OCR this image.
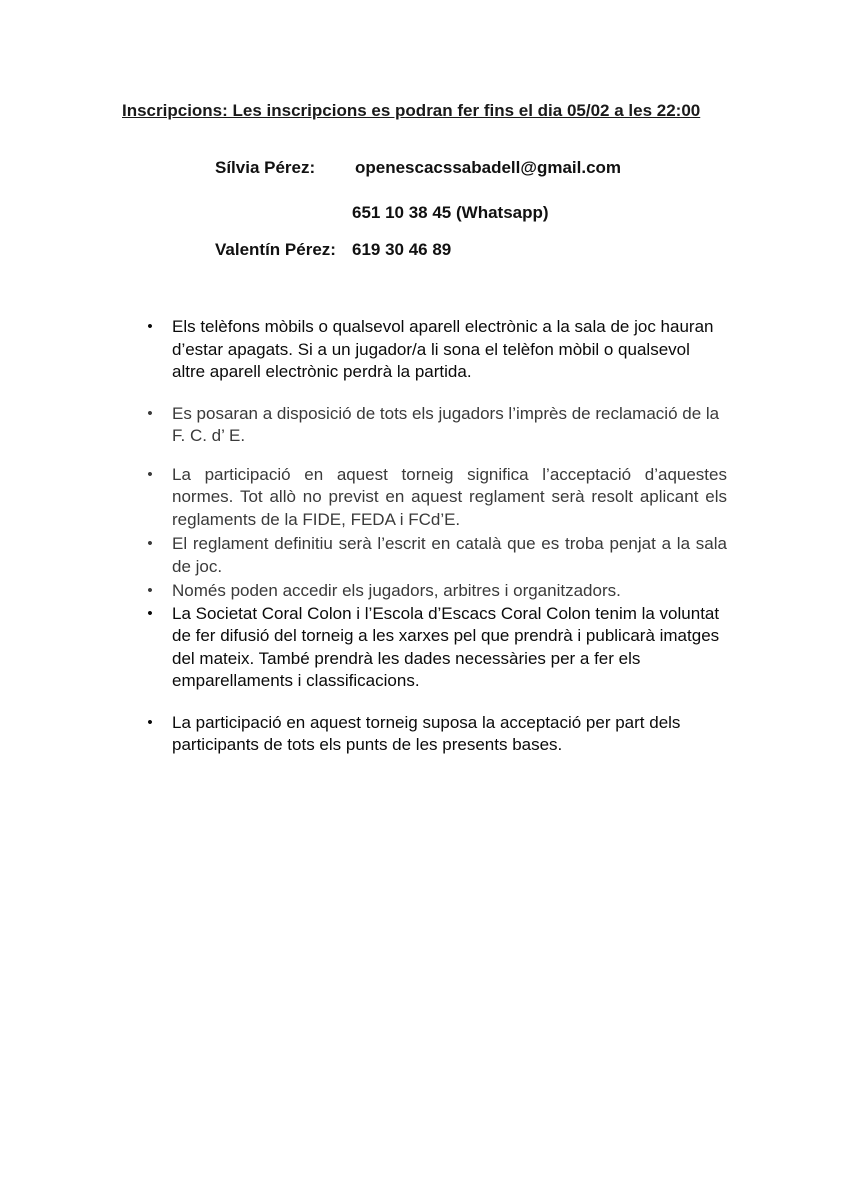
Inscripcions: Les inscripcions es podran fer fins el dia 05/02 a les 22:00
Sílvia Pérez: openescacssabadell@gmail.com
651 10 38 45 (Whatsapp)
Valentín Pérez: 619 30 46 89
• Els telèfons mòbils o qualsevol aparell electrònic a la sala de joc hauran d’estar apagats. Si a un jugador/a li sona el telèfon mòbil o qualsevol altre aparell electrònic perdrà la partida.
• Es posaran a disposició de tots els jugadors l’imprès de reclamació de la F. C. d’ E.
• La participació en aquest torneig significa l’acceptació d’aquestes normes. Tot allò no previst en aquest reglament serà resolt aplicant els reglaments de la FIDE, FEDA i FCd’E.
• El reglament definitiu serà l’escrit en català que es troba penjat a la sala de joc.
• Només poden accedir els jugadors, arbitres i organitzadors.
• La Societat Coral Colon i l’Escola d’Escacs Coral Colon tenim la voluntat de fer difusió del torneig a les xarxes pel que prendrà i publicarà imatges del mateix. També prendrà les dades necessàries per a fer els emparellaments i classificacions.
• La participació en aquest torneig suposa la acceptació per part dels participants de tots els punts de les presents bases.
